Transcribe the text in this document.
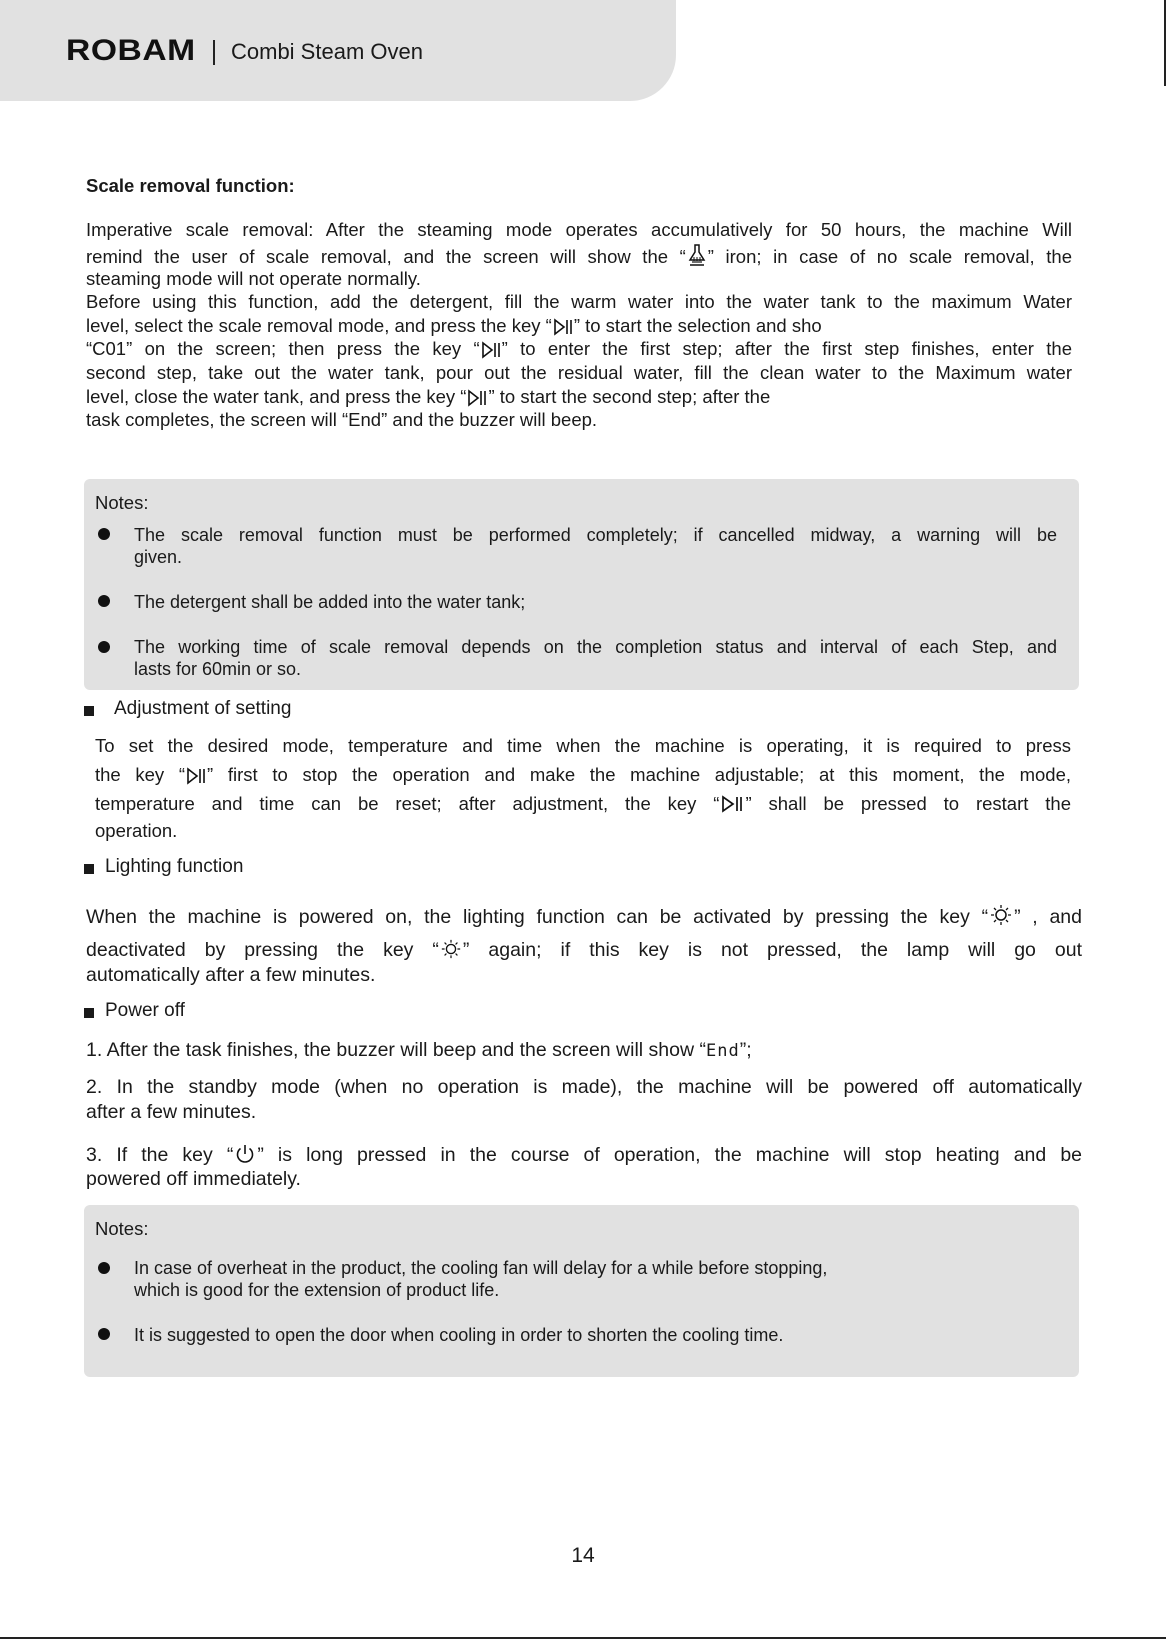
ROBAM Combi Steam Oven
Scale removal function:
Imperative scale removal: After the steaming mode operates accumulatively for 50 hours, the machine Will
remind the user of scale removal, and the screen will show the “ ” iron; in case of no scale removal, the
steaming mode will not operate normally.
Before using this function, add the detergent, fill the warm water into the water tank to the maximum Water
level, select the scale removal mode, and press the key “ ” to start the selection and sho
“C01” on the screen; then press the key “ ” to enter the first step; after the first step finishes, enter the
second step, take out the water tank, pour out the residual water, fill the clean water to the Maximum water
level, close the water tank, and press the key “ ” to start the second step; after the
task completes, the screen will “End” and the buzzer will beep.
Notes:
The scale removal function must be performed completely; if cancelled midway, a warning will be
given.
The detergent shall be added into the water tank;
The working time of scale removal depends on the completion status and interval of each Step, and
lasts for 60min or so.
Adjustment of setting
To set the desired mode, temperature and time when the machine is operating, it is required to press
the key “ ” first to stop the operation and make the machine adjustable; at this moment, the mode,
temperature and time can be reset; after adjustment, the key “ ” shall be pressed to restart the
operation.
Lighting function
When the machine is powered on, the lighting function can be activated by pressing the key “ ” , and
deactivated by pressing the key “ ” again; if this key is not pressed, the lamp will go out
automatically after a few minutes.
Power off
1. After the task finishes, the buzzer will beep and the screen will show “End”;
2. In the standby mode (when no operation is made), the machine will be powered off automatically
after a few minutes.
3. If the key “ ” is long pressed in the course of operation, the machine will stop heating and be
powered off immediately.
Notes:
In case of overheat in the product, the cooling fan will delay for a while before stopping,
which is good for the extension of product life.
It is suggested to open the door when cooling in order to shorten the cooling time.
14
